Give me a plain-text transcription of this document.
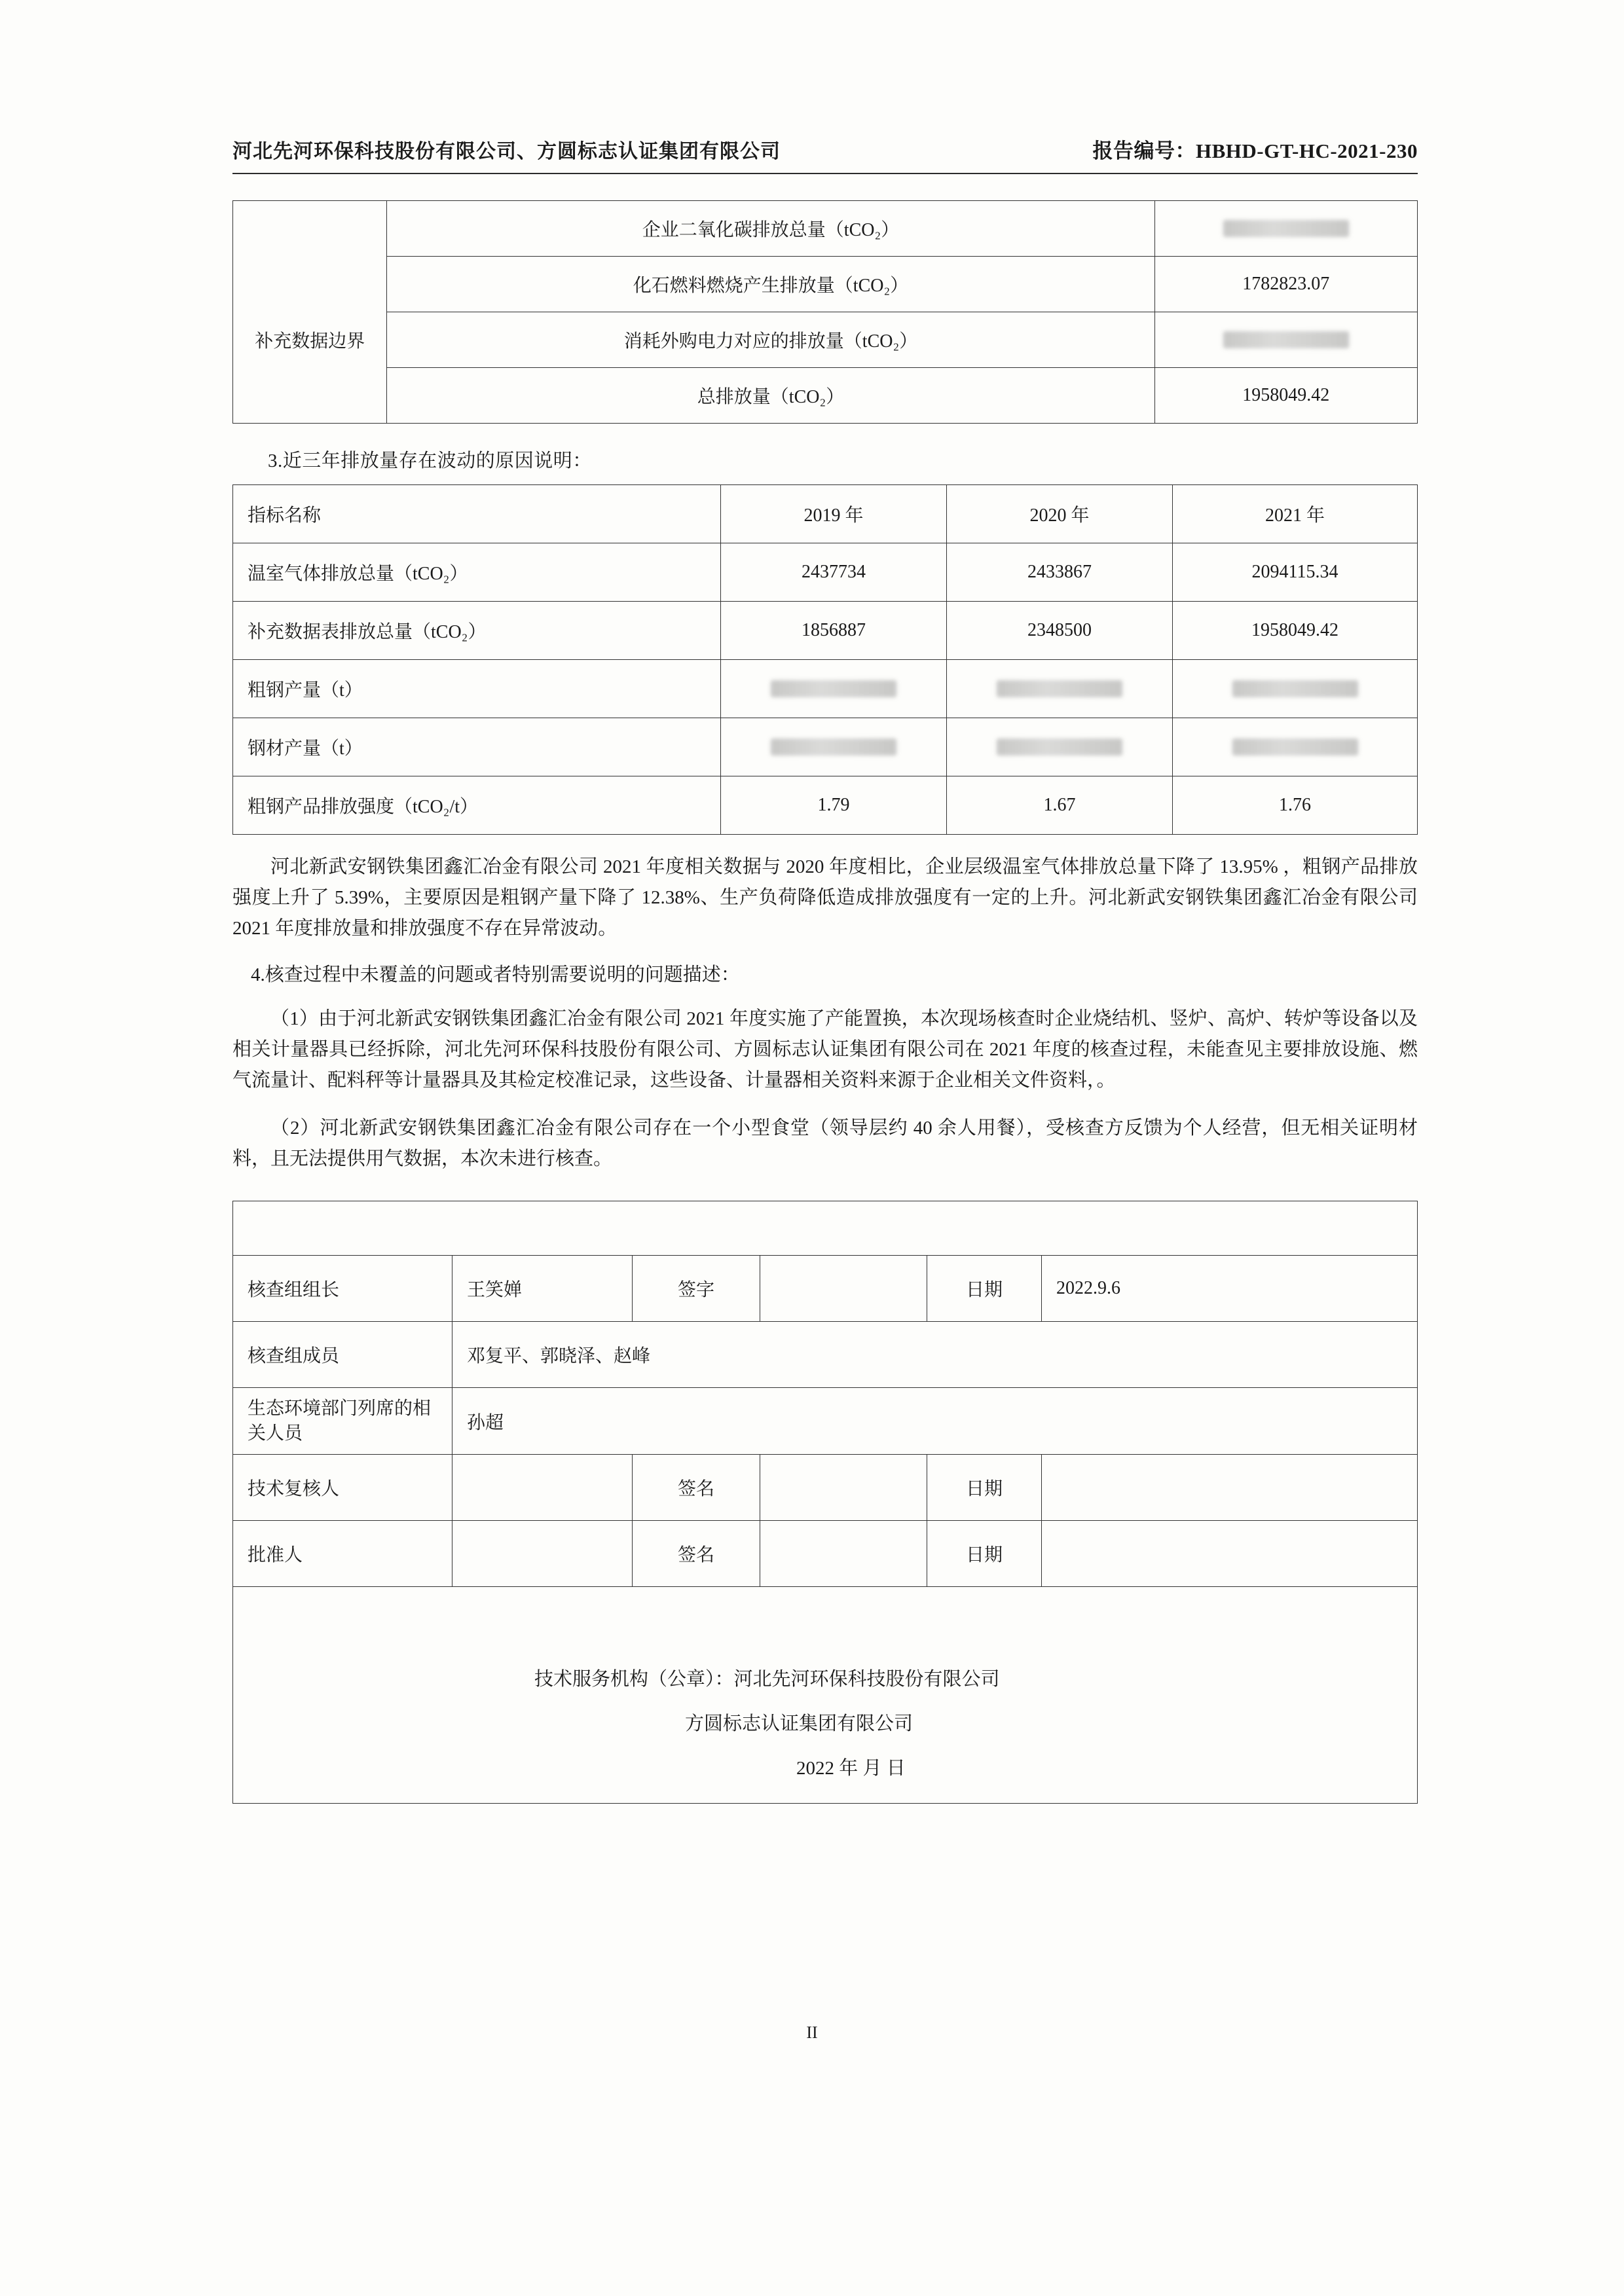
河北先河环保科技股份有限公司、方圆标志认证集团有限公司	报告编号：HBHD-GT-HC-2021-230
	企业二氧化碳排放总量（tCO₂）	
	化石燃料燃烧产生排放量（tCO₂）	1782823.07
补充数据边界	消耗外购电力对应的排放量（tCO₂）	
	总排放量（tCO₂）	1958049.42
3.近三年排放量存在波动的原因说明：
指标名称	2019 年	2020 年	2021 年
温室气体排放总量（tCO₂）	2437734	2433867	2094115.34
补充数据表排放总量（tCO₂）	1856887	2348500	1958049.42
粗钢产量（t）			
钢材产量（t）			
粗钢产品排放强度（tCO₂/t）	1.79	1.67	1.76

河北新武安钢铁集团鑫汇冶金有限公司 2021 年度相关数据与 2020 年度相比，企业层级温室气体排放总量下降了 13.95% ，粗钢产品排放强度上升了 5.39%，主要原因是粗钢产量下降了 12.38%、生产负荷降低造成排放强度有一定的上升。河北新武安钢铁集团鑫汇冶金有限公司 2021 年度排放量和排放强度不存在异常波动。

4.核查过程中未覆盖的问题或者特别需要说明的问题描述：

（1）由于河北新武安钢铁集团鑫汇冶金有限公司 2021 年度实施了产能置换，本次现场核查时企业烧结机、竖炉、高炉、转炉等设备以及相关计量器具已经拆除，河北先河环保科技股份有限公司、方圆标志认证集团有限公司在 2021 年度的核查过程，未能查见主要排放设施、燃气流量计、配料秤等计量器具及其检定校准记录，这些设备、计量器相关资料来源于企业相关文件资料，。

（2）河北新武安钢铁集团鑫汇冶金有限公司存在一个小型食堂（领导层约 40 余人用餐），受核查方反馈为个人经营，但无相关证明材料，且无法提供用气数据，本次未进行核查。

核查组组长	王笑婵	签字		日期	2022.9.6
核查组成员	邓复平、郭晓泽、赵峰				
生态环境部门列席的相关人员	孙超				
技术复核人		签名		日期	
批准人		签名		日期	
技术服务机构（公章）：河北先河环保科技股份有限公司
方圆标志认证集团有限公司
2022 年 月 日
II
